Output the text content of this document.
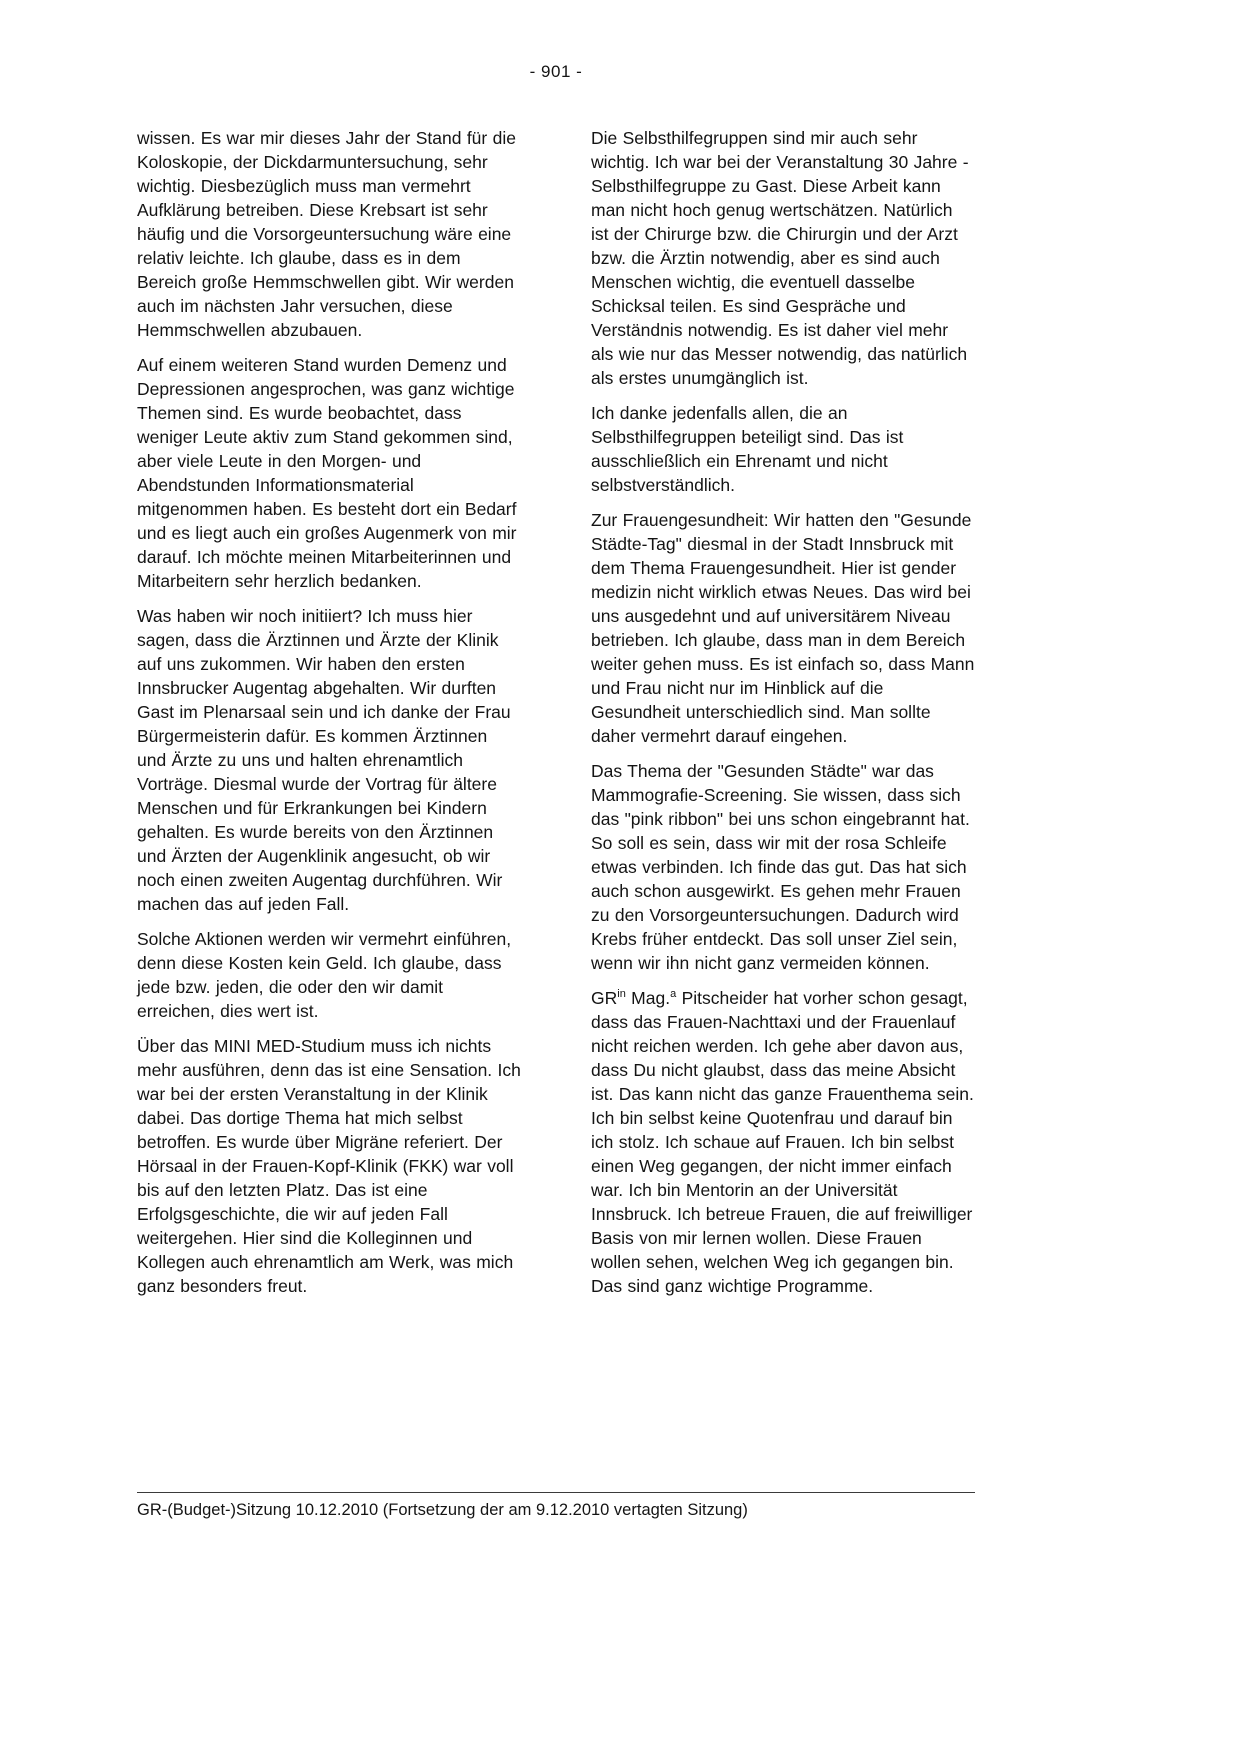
- 901 -

wissen. Es war mir dieses Jahr der Stand für die Koloskopie, der Dickdarmuntersuchung, sehr wichtig. Diesbezüglich muss man vermehrt Aufklärung betreiben. Diese Krebsart ist sehr häufig und die Vorsorgeuntersuchung wäre eine relativ leichte. Ich glaube, dass es in dem Bereich große Hemmschwellen gibt. Wir werden auch im nächsten Jahr versuchen, diese Hemmschwellen abzubauen.

Auf einem weiteren Stand wurden Demenz und Depressionen angesprochen, was ganz wichtige Themen sind. Es wurde beobachtet, dass weniger Leute aktiv zum Stand gekommen sind, aber viele Leute in den Morgen- und Abendstunden Informationsmaterial mitgenommen haben. Es besteht dort ein Bedarf und es liegt auch ein großes Augenmerk von mir darauf. Ich möchte meinen Mitarbeiterinnen und Mitarbeitern sehr herzlich bedanken.

Was haben wir noch initiiert? Ich muss hier sagen, dass die Ärztinnen und Ärzte der Klinik auf uns zukommen. Wir haben den ersten Innsbrucker Augentag abgehalten. Wir durften Gast im Plenarsaal sein und ich danke der Frau Bürgermeisterin dafür. Es kommen Ärztinnen und Ärzte zu uns und halten ehrenamtlich Vorträge. Diesmal wurde der Vortrag für ältere Menschen und für Erkrankungen bei Kindern gehalten. Es wurde bereits von den Ärztinnen und Ärzten der Augenklinik angesucht, ob wir noch einen zweiten Augentag durchführen. Wir machen das auf jeden Fall.

Solche Aktionen werden wir vermehrt einführen, denn diese Kosten kein Geld. Ich glaube, dass jede bzw. jeden, die oder den wir damit erreichen, dies wert ist.

Über das MINI MED-Studium muss ich nichts mehr ausführen, denn das ist eine Sensation. Ich war bei der ersten Veranstaltung in der Klinik dabei. Das dortige Thema hat mich selbst betroffen. Es wurde über Migräne referiert. Der Hörsaal in der Frauen-Kopf-Klinik (FKK) war voll bis auf den letzten Platz. Das ist eine Erfolgsgeschichte, die wir auf jeden Fall weitergehen. Hier sind die Kolleginnen und Kollegen auch ehrenamtlich am Werk, was mich ganz besonders freut.

Die Selbsthilfegruppen sind mir auch sehr wichtig. Ich war bei der Veranstaltung 30 Jahre - Selbsthilfegruppe zu Gast. Diese Arbeit kann man nicht hoch genug wertschätzen. Natürlich ist der Chirurge bzw. die Chirurgin und der Arzt bzw. die Ärztin notwendig, aber es sind auch Menschen wichtig, die eventuell dasselbe Schicksal teilen. Es sind Gespräche und Verständnis notwendig. Es ist daher viel mehr als wie nur das Messer notwendig, das natürlich als erstes unumgänglich ist.

Ich danke jedenfalls allen, die an Selbsthilfegruppen beteiligt sind. Das ist ausschließlich ein Ehrenamt und nicht selbstverständlich.

Zur Frauengesundheit: Wir hatten den "Gesunde Städte-Tag" diesmal in der Stadt Innsbruck mit dem Thema Frauengesundheit. Hier ist gender medizin nicht wirklich etwas Neues. Das wird bei uns ausgedehnt und auf universitärem Niveau betrieben. Ich glaube, dass man in dem Bereich weiter gehen muss. Es ist einfach so, dass Mann und Frau nicht nur im Hinblick auf die Gesundheit unterschiedlich sind. Man sollte daher vermehrt darauf eingehen.

Das Thema der "Gesunden Städte" war das Mammografie-Screening. Sie wissen, dass sich das "pink ribbon" bei uns schon eingebrannt hat. So soll es sein, dass wir mit der rosa Schleife etwas verbinden. Ich finde das gut. Das hat sich auch schon ausgewirkt. Es gehen mehr Frauen zu den Vorsorgeuntersuchungen. Dadurch wird Krebs früher entdeckt. Das soll unser Ziel sein, wenn wir ihn nicht ganz vermeiden können.

$GR^{in}$ Mag.$^a$ Pitscheider hat vorher schon gesagt, dass das Frauen-Nachttaxi und der Frauenlauf nicht reichen werden. Ich gehe aber davon aus, dass Du nicht glaubst, dass das meine Absicht ist. Das kann nicht das ganze Frauenthema sein. Ich bin selbst keine Quotenfrau und darauf bin ich stolz. Ich schaue auf Frauen. Ich bin selbst einen Weg gegangen, der nicht immer einfach war. Ich bin Mentorin an der Universität Innsbruck. Ich betreue Frauen, die auf freiwilliger Basis von mir lernen wollen. Diese Frauen wollen sehen, welchen Weg ich gegangen bin. Das sind ganz wichtige Programme.

GR-(Budget-)Sitzung 10.12.2010 (Fortsetzung der am 9.12.2010 vertagten Sitzung)
